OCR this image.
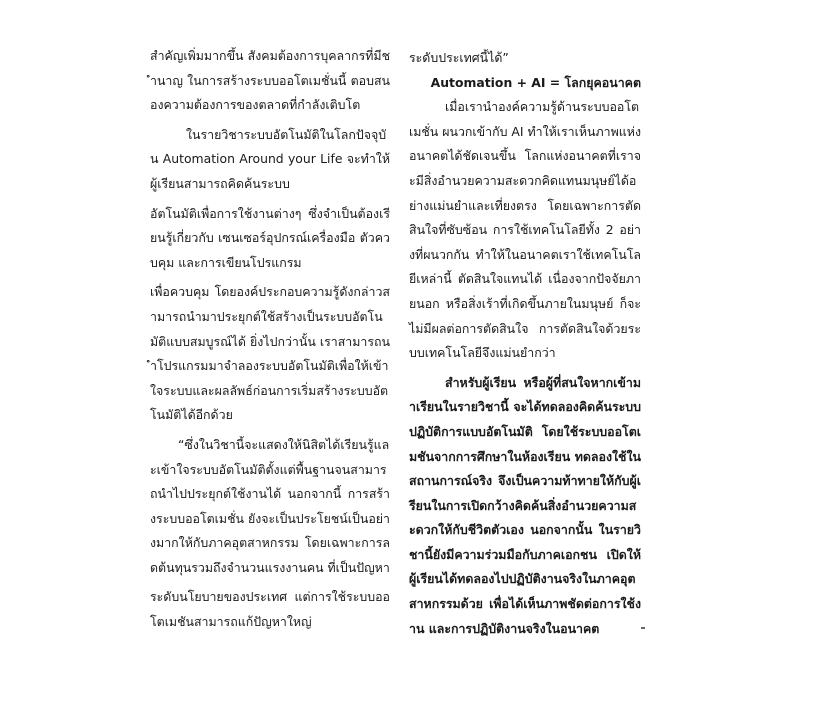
สำคัญเพิ่มมากขึ้น สังคมต้องการบุคลากรที่มีชำนาญ ในการสร้างระบบออโตเมชั่นนี้ ตอบสนองความต้องการของตลาดที่กำลังเติบโต

ในรายวิชาระบบอัตโนมัติในโลกปัจจุบัน Automation Around your Life จะทำให้ผู้เรียนสามารถคิดค้นระบบ

อัตโนมัติเพื่อการใช้งานต่างๆ ซึ่งจำเป็นต้องเรียนรู้เกี่ยวกับ เซนเซอร์อุปกรณ์เครื่องมือ ตัวควบคุม และการเขียนโปรแกรม

เพื่อควบคุม โดยองค์ประกอบความรู้ดังกล่าวสามารถนำมาประยุกต์ใช้สร้างเป็นระบบอัตโนมัติแบบสมบูรณ์ได้ ยิ่งไปกว่านั้น เราสามารถนำโปรแกรมมาจำลองระบบอัตโนมัติเพื่อให้เข้าใจระบบและผลลัพธ์ก่อนการเริ่มสร้างระบบอัตโนมัติได้อีกด้วย

“ซึ่งในวิชานี้จะแสดงให้นิสิตได้เรียนรู้และเข้าใจระบบอัตโนมัติตั้งแต่พื้นฐานจนสามารถนำไปประยุกต์ใช้งานได้ นอกจากนี้ การสร้างระบบออโตเมชั่น ยังจะเป็นประโยชน์เป็นอย่างมากให้กับภาคอุตสาหกรรม โดยเฉพาะการลดต้นทุนรวมถึงจำนวนแรงงานคน ที่เป็นปัญหา

ระดับนโยบายของประเทศ แต่การใช้ระบบออโตเมชันสามารถแก้ปัญหาใหญ่

ระดับประเทศนี้ได้”

Automation + AI = โลกยุคอนาคต

เมื่อเรานำองค์ความรู้ด้านระบบออโตเมชั่น ผนวกเข้ากับ AI ทำให้เราเห็นภาพแห่งอนาคตได้ชัดเจนขึ้น โลกแห่งอนาคตที่เราจะมีสิ่งอำนวยความสะดวกคิดแทนมนุษย์ได้อย่างแม่นยำและเที่ยงตรง โดยเฉพาะการตัดสินใจที่ซับซ้อน การใช้เทคโนโลยีทั้ง 2 อย่างที่ผนวกกัน ทำให้ในอนาคตเราใช้เทคโนโลยีเหล่านี้ ตัดสินใจแทนได้ เนื่องจากปัจจัยภายนอก หรือสิ่งเร้าที่เกิดขึ้นภายในมนุษย์ ก็จะไม่มีผลต่อการตัดสินใจ การตัดสินใจด้วยระบบเทคโนโลยีจึงแม่นยำกว่า

สำหรับผู้เรียน หรือผู้ที่สนใจหากเข้ามาเรียนในรายวิชานี้ จะได้ทดลองคิดค้นระบบปฏิบัติการแบบอัตโนมัติ โดยใช้ระบบออโตเมชันจากการศึกษาในห้องเรียน ทดลองใช้ในสถานการณ์จริง จึงเป็นความท้าทายให้กับผู้เรียนในการเปิดกว้างคิดค้นสิ่งอำนวยความสะดวกให้กับชีวิตตัวเอง นอกจากนั้น ในรายวิชานี้ยังมีความร่วมมือกับภาคเอกชน เปิดให้ผู้เรียนได้ทดลองไปปฏิบัติงานจริงในภาคอุตสาหกรรมด้วย เพื่อได้เห็นภาพชัดต่อการใช้งาน และการปฏิบัติงานจริงในอนาคต
